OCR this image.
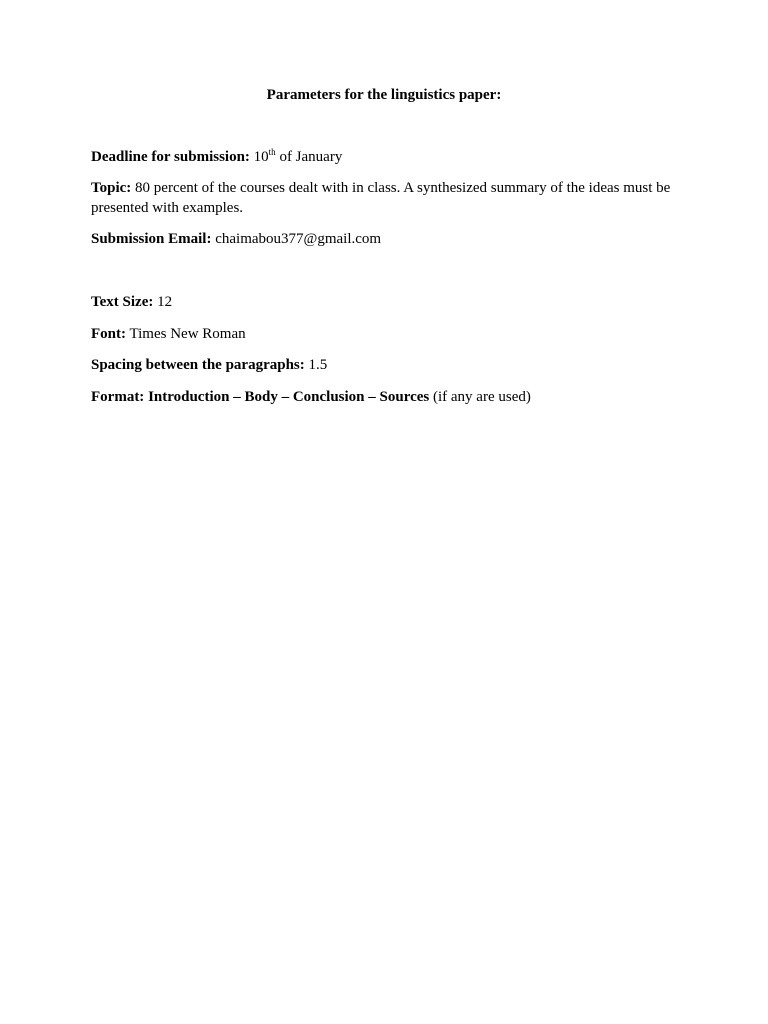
Parameters for the linguistics paper:

Deadline for submission: 10th of January

Topic: 80 percent of the courses dealt with in class. A synthesized summary of the ideas must be presented with examples.

Submission Email: chaimabou377@gmail.com

Text Size: 12

Font: Times New Roman

Spacing between the paragraphs: 1.5

Format: Introduction – Body – Conclusion – Sources (if any are used)
